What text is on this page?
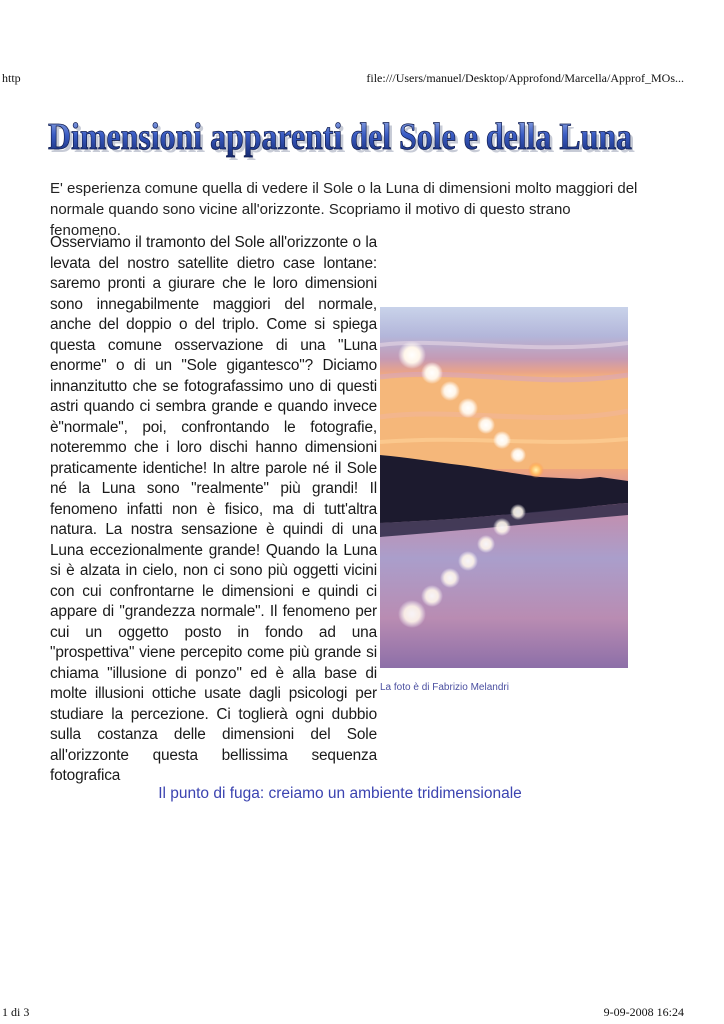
http	file:///Users/manuel/Desktop/Approfond/Marcella/Approf_MOs...
Dimensioni apparenti del Sole e della Luna
Dimensioni apparenti del Sole e della Luna
E' esperienza comune quella di vedere il Sole o la Luna di dimensioni molto maggiori del normale quando sono vicine all'orizzonte. Scopriamo il motivo di questo strano fenomeno.
Osserviamo il tramonto del Sole all'orizzonte o la levata del nostro satellite dietro case lontane: saremo pronti a giurare che le loro dimensioni sono innegabilmente maggiori del normale, anche del doppio o del triplo. Come si spiega questa comune osservazione di una "Luna enorme" o di un "Sole gigantesco"? Diciamo innanzitutto che se fotografassimo uno di questi astri quando ci sembra grande e quando invece è"normale", poi, confrontando le fotografie, noteremmo che i loro dischi hanno dimensioni praticamente identiche! In altre parole né il Sole né la Luna sono "realmente" più grandi! Il fenomeno infatti non è fisico, ma di tutt'altra natura. La nostra sensazione è quindi di una Luna eccezionalmente grande! Quando la Luna si è alzata in cielo, non ci sono più oggetti vicini con cui confrontarne le dimensioni e quindi ci appare di "grandezza normale". Il fenomeno per cui un oggetto posto in fondo ad una "prospettiva" viene percepito come più grande si chiama "illusione di ponzo" ed è alla base di molte illusioni ottiche usate dagli psicologi per studiare la percezione. Ci toglierà ogni dubbio sulla costanza delle dimensioni del Sole all'orizzonte questa bellissima sequenza fotografica
La foto è di Fabrizio Melandri
Il punto di fuga: creiamo un ambiente tridimensionale
1 di 3	9-09-2008 16:24
